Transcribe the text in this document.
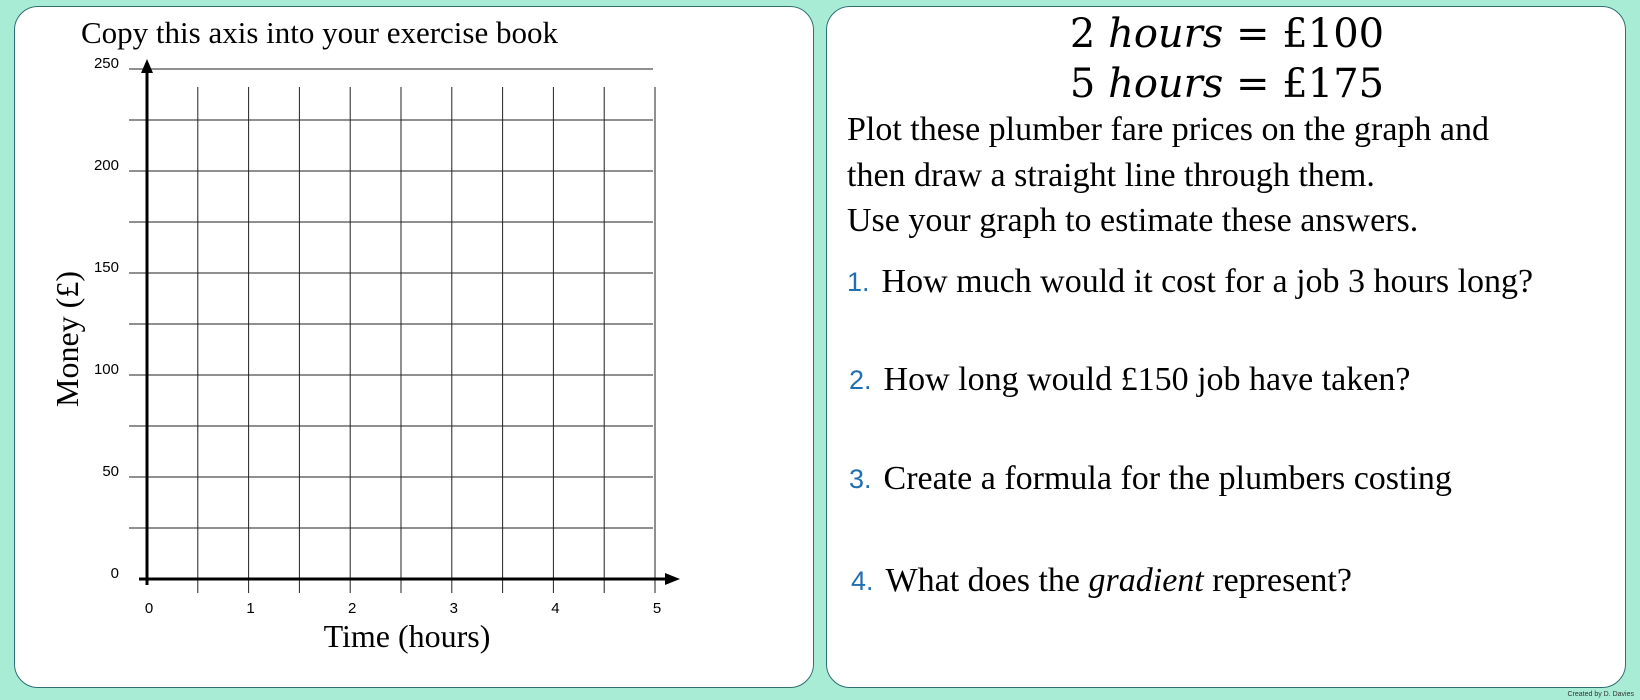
Copy this axis into your exercise book
0
50
100
150
200
250
0	1	2	3	4	5
Time (hours)
Money (£)
2 hours = £100
5 hours = £175
Plot these plumber fare prices on the graph and
then draw a straight line through them.
Use your graph to estimate these answers.
1. How much would it cost for a job 3 hours long?
2. How long would £150 job have taken?
3. Create a formula for the plumbers costing
4. What does the gradient represent?
Created by D. Davies
